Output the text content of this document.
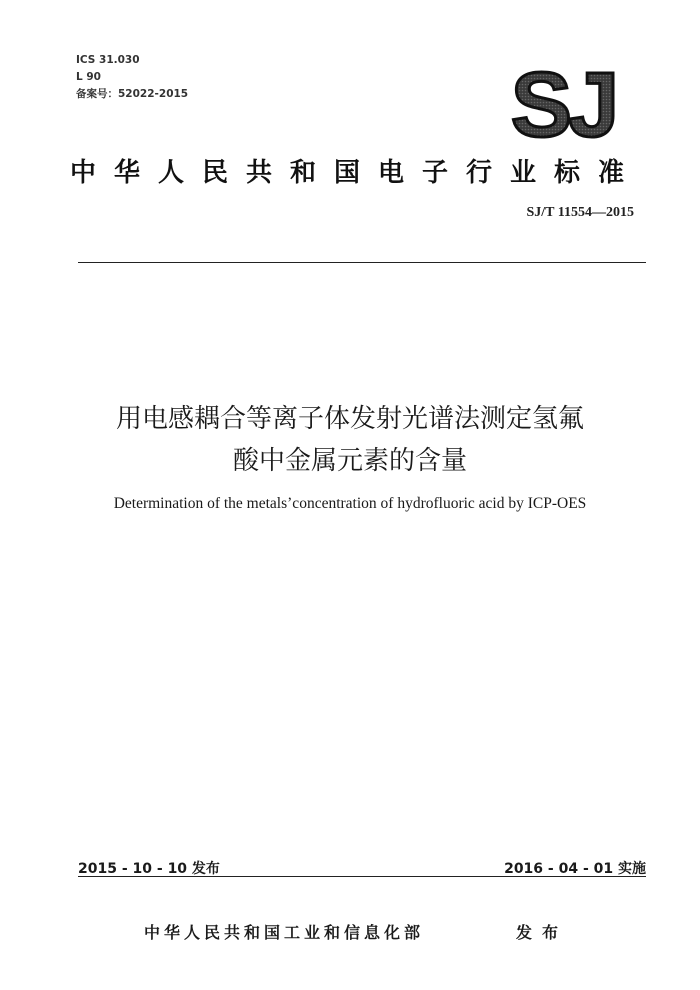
ICS 31.030
L 90
备案号：52022-2015	SJ
中华人民共和国电子行业标准
SJ/T 11554—2015
用电感耦合等离子体发射光谱法测定氢氟
酸中金属元素的含量
Determination of the metals’concentration of hydrofluoric acid by ICP-OES
2015 - 10 - 10 发布	2016 - 04 - 01 实施
中华人民共和国工业和信息化部	发布
